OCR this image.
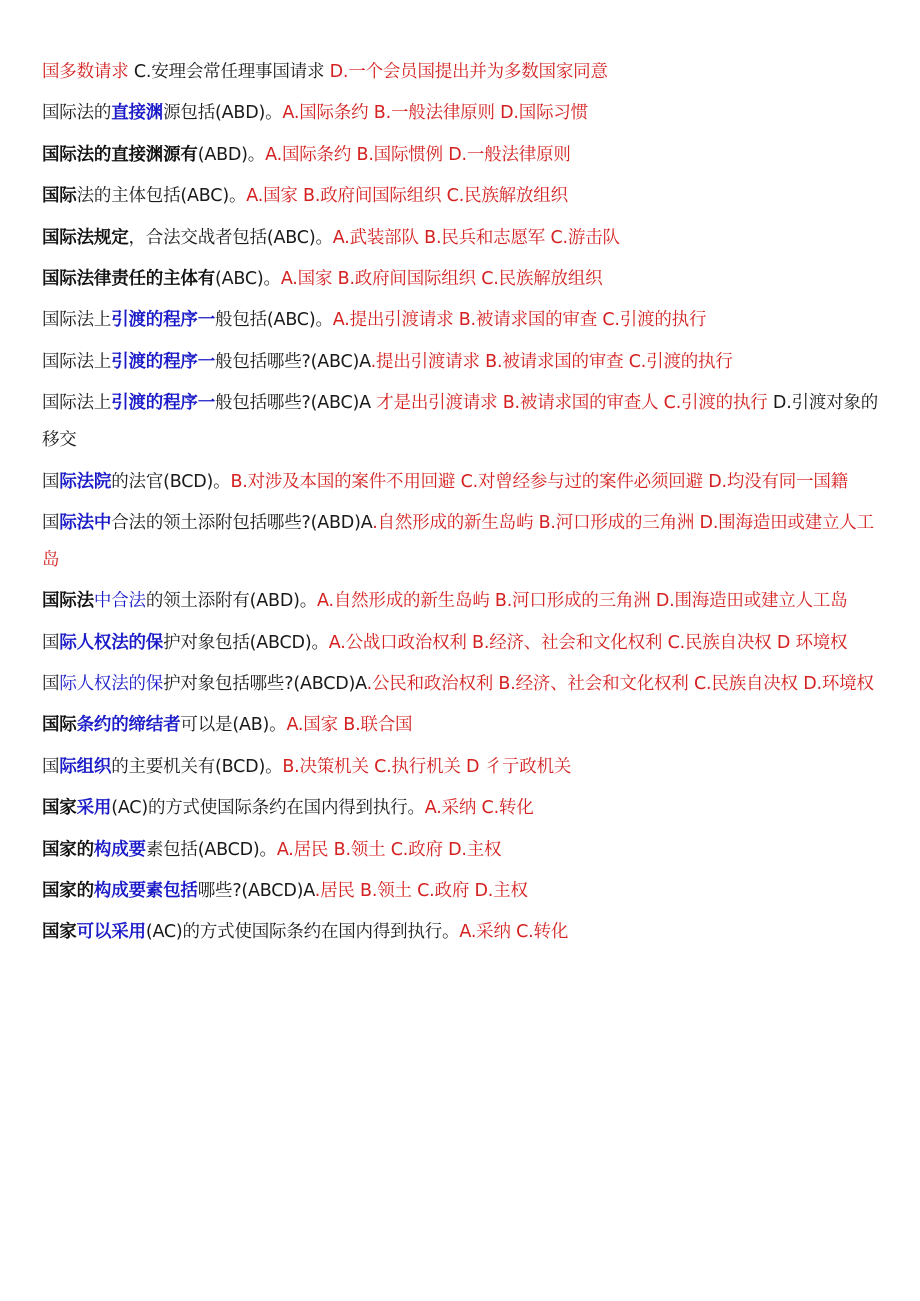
国多数请求 C.安理会常任理事国请求 D.一个会员国提出并为多数国家同意
国际法的直接渊源包括(ABD)。A.国际条约 B.一般法律原则 D.国际习惯
国际法的直接渊源有(ABD)。A.国际条约 B.国际惯例 D.一般法律原则
国际法的主体包括(ABC)。A.国家 B.政府间国际组织 C.民族解放组织
国际法规定，合法交战者包括(ABC)。A.武装部队 B.民兵和志愿军 C.游击队
国际法律责任的主体有(ABC)。A.国家 B.政府间国际组织 C.民族解放组织
国际法上引渡的程序一般包括(ABC)。A.提出引渡请求 B.被请求国的审查 C.引渡的执行
国际法上引渡的程序一般包括哪些?(ABC)A.提出引渡请求 B.被请求国的审查 C.引渡的执行
国际法上引渡的程序一般包括哪些?(ABC)A 才是出引渡请求 B.被请求国的审查人 C.引渡的执行 D.引渡对象的移交
国际法院的法官(BCD)。B.对涉及本国的案件不用回避 C.对曾经参与过的案件必须回避 D.均没有同一国籍
国际法中合法的领土添附包括哪些?(ABD)A.自然形成的新生岛屿 B.河口形成的三角洲 D.围海造田或建立人工岛
国际法中合法的领土添附有(ABD)。A.自然形成的新生岛屿 B.河口形成的三角洲 D.围海造田或建立人工岛
国际人权法的保护对象包括(ABCD)。A.公战口政治权利 B.经济、社会和文化权利 C.民族自决权 D 环境权
国际人权法的保护对象包括哪些?(ABCD)A.公民和政治权利 B.经济、社会和文化权利 C.民族自决权 D.环境权
国际条约的缔结者可以是(AB)。A.国家 B.联合国
国际组织的主要机关有(BCD)。B.决策机关 C.执行机关 D 彳亍政机关
国家采用(AC)的方式使国际条约在国内得到执行。A.采纳 C.转化
国家的构成要素包括(ABCD)。A.居民 B.领土 C.政府 D.主权
国家的构成要素包括哪些?(ABCD)A.居民 B.领土 C.政府 D.主权
国家可以采用(AC)的方式使国际条约在国内得到执行。A.采纳 C.转化
